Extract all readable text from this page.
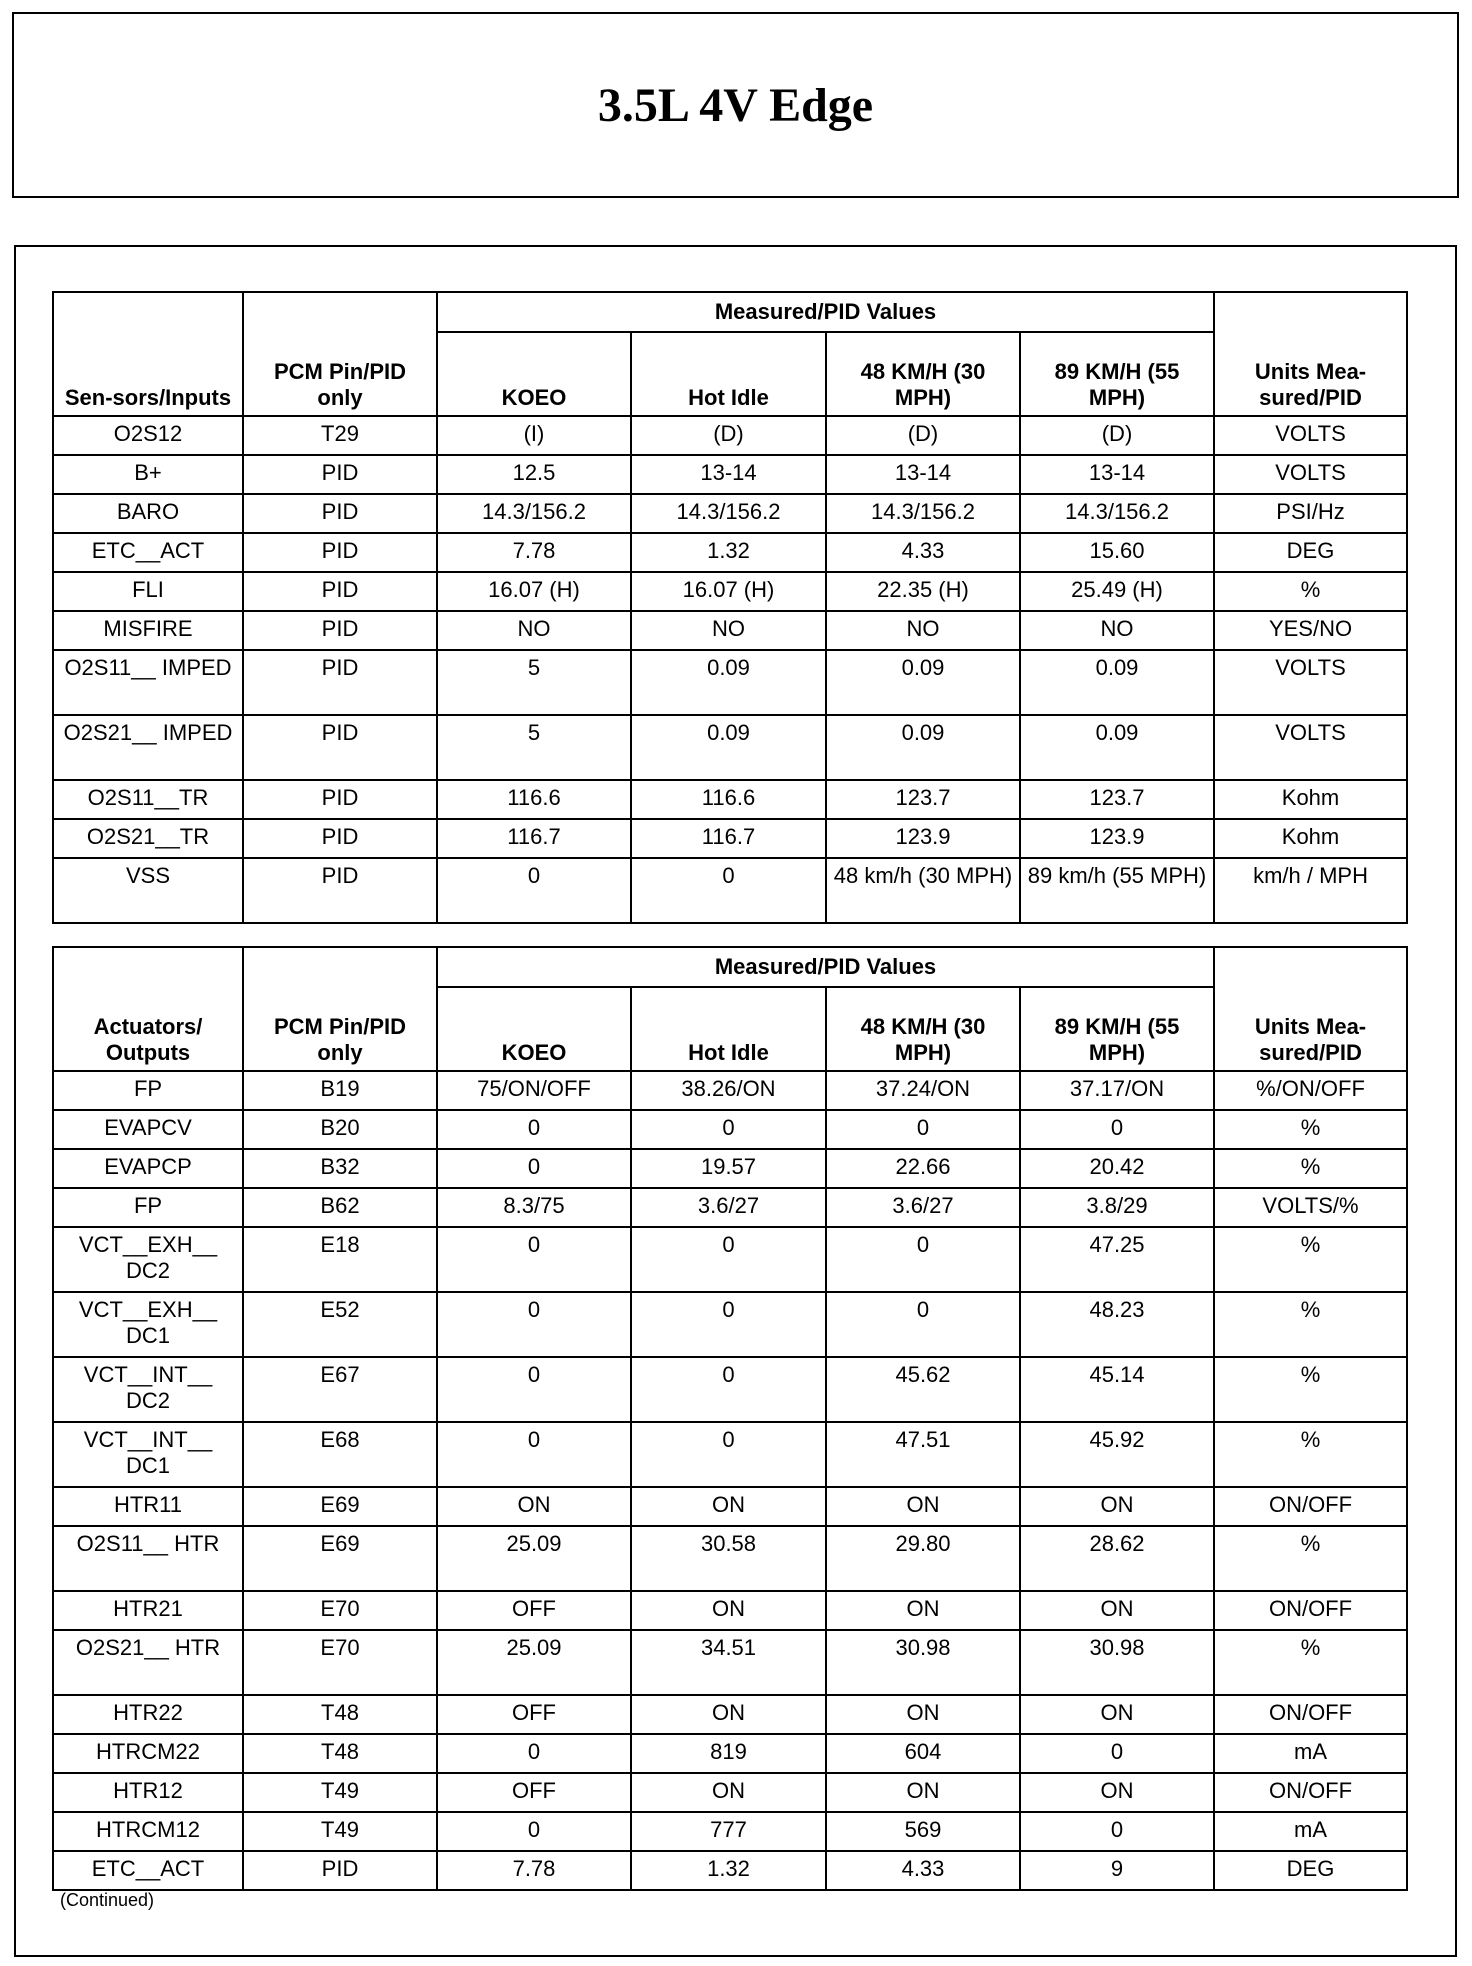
3.5L 4V Edge
Sen-sors/Inputs	PCM Pin/PID only	Measured/PID Values				Units Mea-sured/PID
		KOEO	Hot Idle	48 KM/H (30 MPH)	89 KM/H (55 MPH)	
O2S12	T29	(I)	(D)	(D)	(D)	VOLTS
B+	PID	12.5	13-14	13-14	13-14	VOLTS
BARO	PID	14.3/156.2	14.3/156.2	14.3/156.2	14.3/156.2	PSI/Hz
ETC__ACT	PID	7.78	1.32	4.33	15.60	DEG
FLI	PID	16.07 (H)	16.07 (H)	22.35 (H)	25.49 (H)	%
MISFIRE	PID	NO	NO	NO	NO	YES/NO
O2S11__ IMPED	PID	5	0.09	0.09	0.09	VOLTS
O2S21__ IMPED	PID	5	0.09	0.09	0.09	VOLTS
O2S11__TR	PID	116.6	116.6	123.7	123.7	Kohm
O2S21__TR	PID	116.7	116.7	123.9	123.9	Kohm
VSS	PID	0	0	48 km/h (30 MPH)	89 km/h (55 MPH)	km/h / MPH
Actuators/ Outputs	PCM Pin/PID only	Measured/PID Values				Units Mea-sured/PID
		KOEO	Hot Idle	48 KM/H (30 MPH)	89 KM/H (55 MPH)	
FP	B19	75/ON/OFF	38.26/ON	37.24/ON	37.17/ON	%/ON/OFF
EVAPCV	B20	0	0	0	0	%
EVAPCP	B32	0	19.57	22.66	20.42	%
FP	B62	8.3/75	3.6/27	3.6/27	3.8/29	VOLTS/%
VCT__EXH__ DC2	E18	0	0	0	47.25	%
VCT__EXH__ DC1	E52	0	0	0	48.23	%
VCT__INT__ DC2	E67	0	0	45.62	45.14	%
VCT__INT__ DC1	E68	0	0	47.51	45.92	%
HTR11	E69	ON	ON	ON	ON	ON/OFF
O2S11__ HTR	E69	25.09	30.58	29.80	28.62	%
HTR21	E70	OFF	ON	ON	ON	ON/OFF
O2S21__ HTR	E70	25.09	34.51	30.98	30.98	%
HTR22	T48	OFF	ON	ON	ON	ON/OFF
HTRCM22	T48	0	819	604	0	mA
HTR12	T49	OFF	ON	ON	ON	ON/OFF
HTRCM12	T49	0	777	569	0	mA
ETC__ACT	PID	7.78	1.32	4.33	9	DEG
(Continued)
